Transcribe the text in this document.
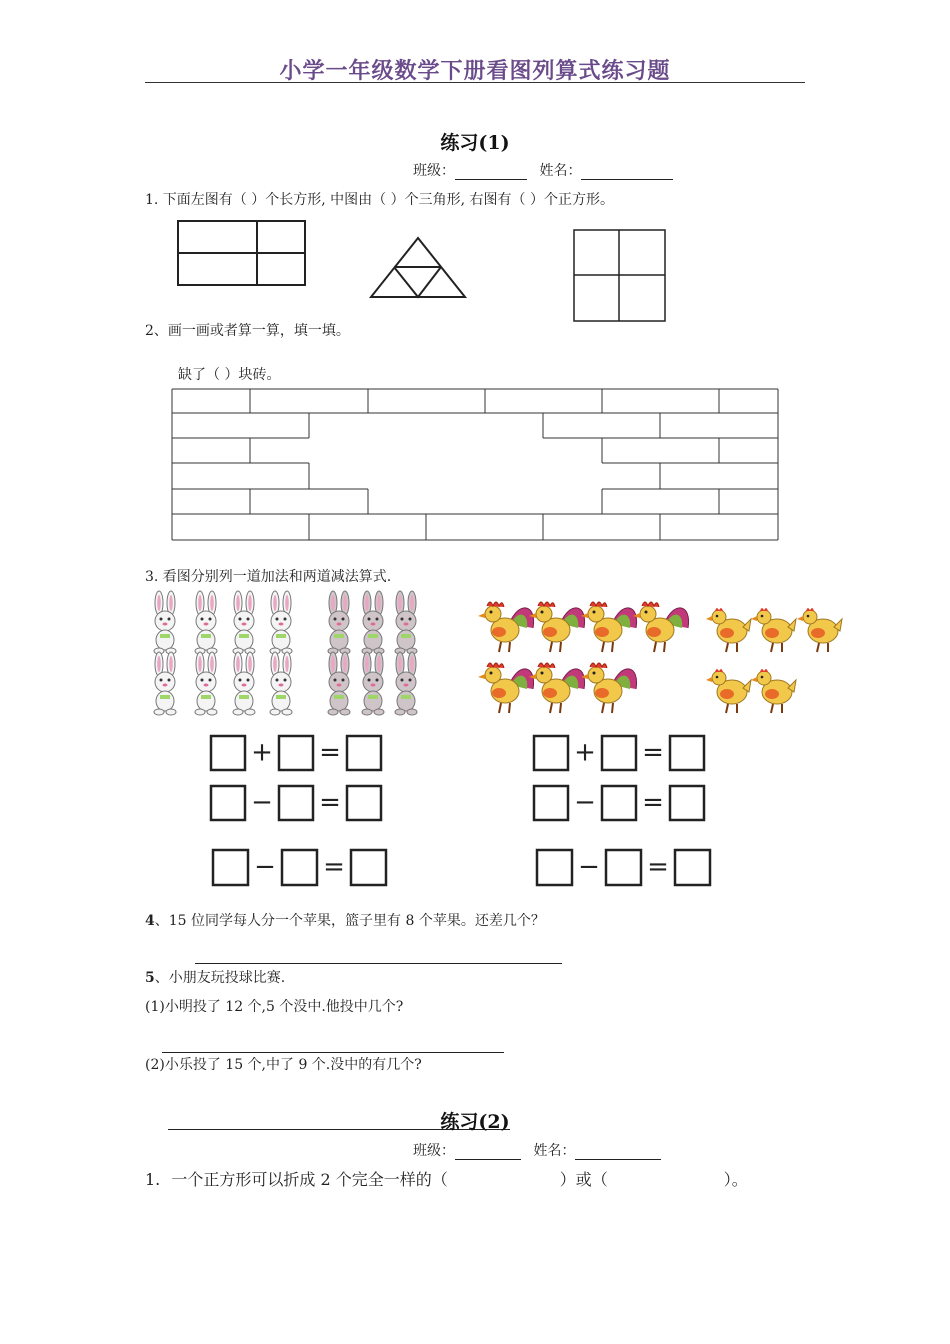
小学一年级数学下册看图列算式练习题
练习(1)
班级：	姓名：
1. 下面左图有（ ）个长方形, 中图由（ ）个三角形, 右图有（ ）个正方形。
2、画一画或者算一算，填一填。
缺了（ ）块砖。
3. 看图分别列一道加法和两道减法算式.
+ =
− =
− =
+ =
− =
− =
4、15 位同学每人分一个苹果，篮子里有 8 个苹果。还差几个？
5、小朋友玩投球比赛.
(1)小明投了 12 个,5 个没中.他投中几个?
(2)小乐投了 15 个,中了 9 个.没中的有几个?
练习(2)
班级：	姓名：
1. 一个正方形可以折成 2 个完全一样的（	）或（	）。
